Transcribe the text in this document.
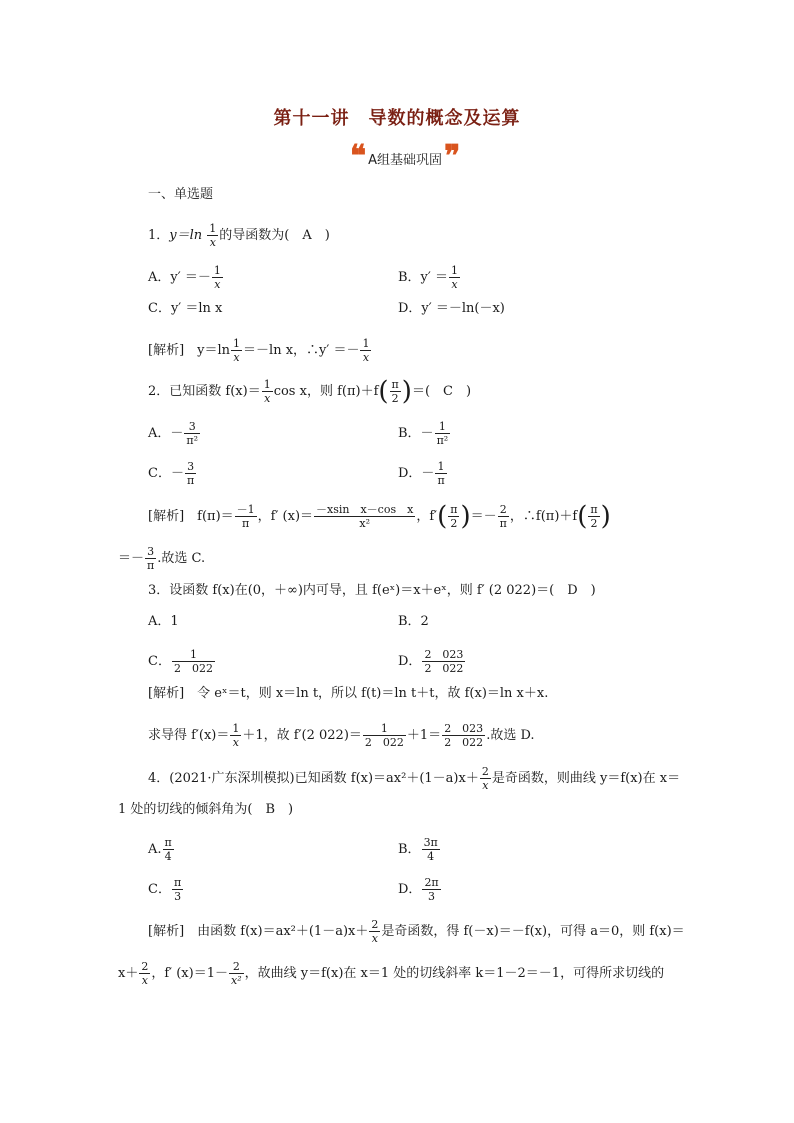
第十一讲　导数的概念及运算
❝ A组基础巩固 ❞
一、单选题
1．$y=\ln \frac{1}{x}$ 的导函数为(　A　)
A．$y' =- \frac{1}{x}$	B．$y' = \frac{1}{x}$
C．y′ ＝ln x	D．y′ ＝－ln(－x)
[解析]　$y=\ln \frac{1}{x} =-\ln$ x，∴y′ ＝－ $\frac{1}{x}$
2．已知函数 $f(x)= \frac{1}{x}$ cos x，则 $f(\pi)+f( \frac{\pi}{2}$ )＝(　C　)
A．－ $\frac{3}{\text{π²}}$	B．－ $\frac{1}{\text{π²}}$
C．－ $\frac{3}{\pi}$	D．－ $\frac{1}{\pi}$
[解析]　$f(\pi)= \frac{-1}{\pi}$ ，f′ $(x)= \frac{\text{－xsin　x－cos　x}}{\text{x²}}$ ，$f'( \frac{\pi}{2}$ )＝－ $\frac{2}{\pi}$ ，∴f(π)＋f( $\frac{\pi}{2}$ )
＝－ $\frac{3}{\pi}$ .故选 C.
3．设函数 f(x)在(0，＋∞)内可导，且 f(eˣ)＝x＋eˣ，则 f′ (2 022)＝(　D　)
A．1	B．2
C． $\frac{1}{2 022}$	D． $\frac{2 023}{2 022}$
[解析]　令 eˣ＝t，则 x＝ln t，所以 f(t)＝ln t＋t，故 f(x)＝ln x＋x.
求导得 $f'(x)= \frac{1}{x} +1$，故 f′(2 $022)= \frac{1}{2 022} +1= \frac{2 023}{2 022}$ .故选 D.
4．(2021·广东深圳模拟)已知函数 $f(x)=ax^2+(1-a)x+ \frac{2}{x}$ 是奇函数，则曲线 y＝f(x)在 x＝
1 处的切线的倾斜角为(　B　)
A. $\frac{\pi}{4}$	B． $\frac{3\pi}{4}$
C． $\frac{\pi}{3}$	D． $\frac{2\pi}{3}$
[解析]　由函数 $f(x)=ax^2+(1-a)x+ \frac{2}{x}$ 是奇函数，得 f(－x)＝－f(x)，可得 a＝0，则 f(x)＝
$x+ \frac{2}{x}$ ，f′ $(x)=1- \frac{2}{\text{x²}}$ ，故曲线 y＝f(x)在 x＝1 处的切线斜率 k＝1－2＝－1，可得所求切线的
